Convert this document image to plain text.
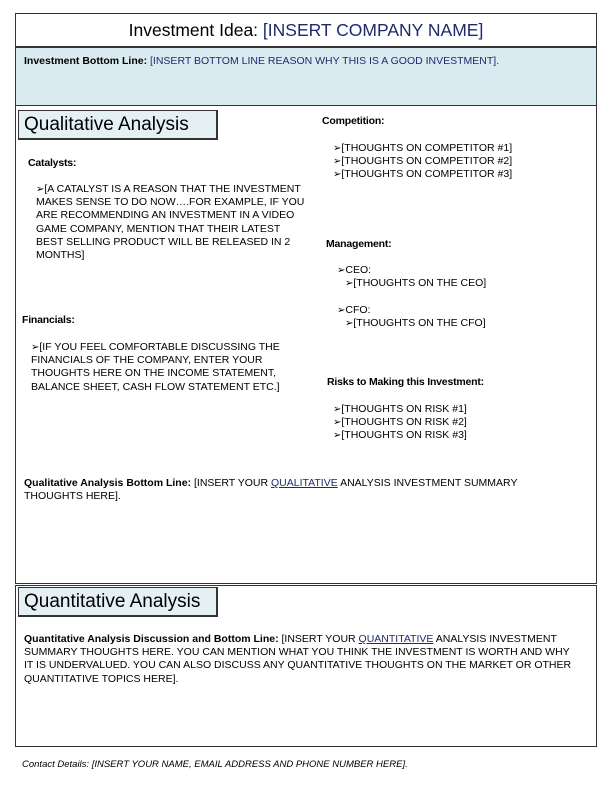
Investment Idea: [INSERT COMPANY NAME]
Investment Bottom Line: [INSERT BOTTOM LINE REASON WHY THIS IS A GOOD INVESTMENT].
Qualitative Analysis
Catalysts:
➢[A CATALYST IS A REASON THAT THE INVESTMENT MAKES SENSE TO DO NOW….FOR EXAMPLE, IF YOU ARE RECOMMENDING AN INVESTMENT IN A VIDEO GAME COMPANY, MENTION THAT THEIR LATEST BEST SELLING PRODUCT WILL BE RELEASED IN 2 MONTHS]
Financials:
➢[IF YOU FEEL COMFORTABLE DISCUSSING THE FINANCIALS OF THE COMPANY, ENTER YOUR THOUGHTS HERE ON THE INCOME STATEMENT, BALANCE SHEET, CASH FLOW STATEMENT ETC.]
Competition:
➢[THOUGHTS ON COMPETITOR #1]
➢[THOUGHTS ON COMPETITOR #2]
➢[THOUGHTS ON COMPETITOR #3]
Management:
➢CEO:
➢[THOUGHTS ON THE CEO]
➢CFO:
➢[THOUGHTS ON THE CFO]
Risks to Making this Investment:
➢[THOUGHTS ON RISK #1]
➢[THOUGHTS ON RISK #2]
➢[THOUGHTS ON RISK #3]
Qualitative Analysis Bottom Line: [INSERT YOUR QUALITATIVE ANALYSIS INVESTMENT SUMMARY THOUGHTS HERE].
Quantitative Analysis
Quantitative Analysis Discussion and Bottom Line: [INSERT YOUR QUANTITATIVE ANALYSIS INVESTMENT SUMMARY THOUGHTS HERE. YOU CAN MENTION WHAT YOU THINK THE INVESTMENT IS WORTH AND WHY IT IS UNDERVALUED. YOU CAN ALSO DISCUSS ANY QUANTITATIVE THOUGHTS ON THE MARKET OR OTHER QUANTITATIVE TOPICS HERE].
Contact Details: [INSERT YOUR NAME, EMAIL ADDRESS AND PHONE NUMBER HERE].
